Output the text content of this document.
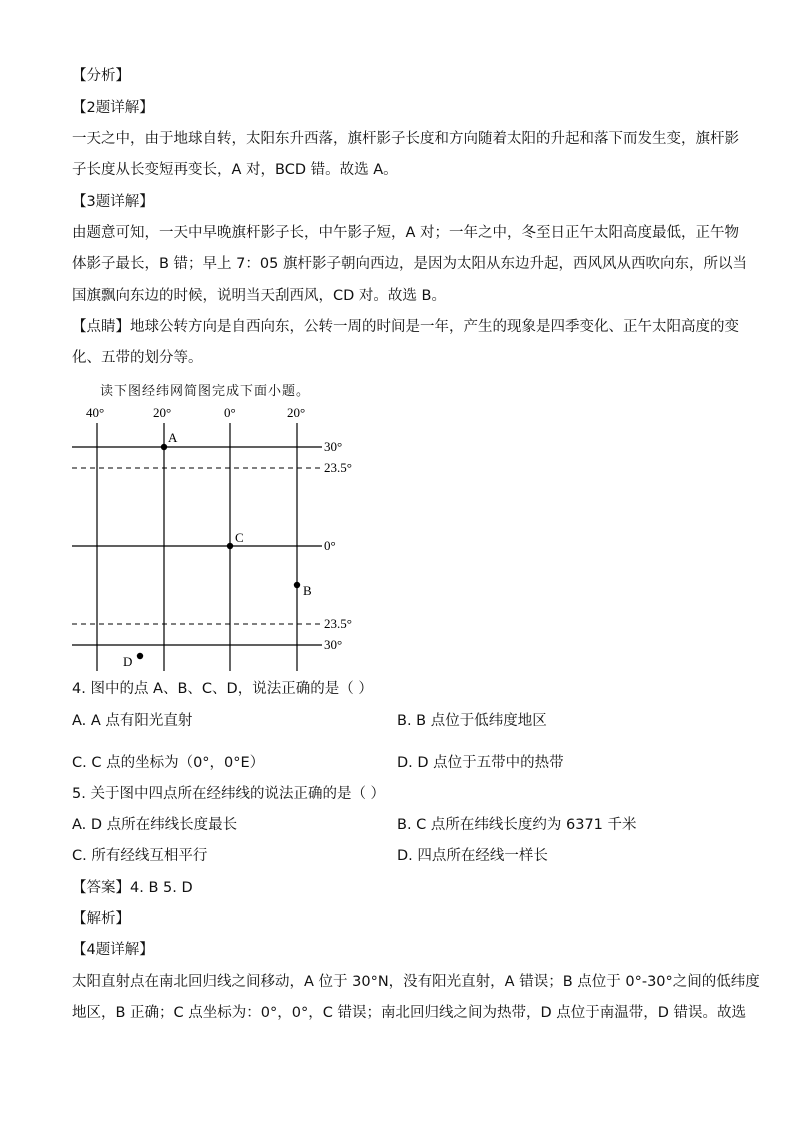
【分析】
【2题详解】
一天之中，由于地球自转，太阳东升西落，旗杆影子长度和方向随着太阳的升起和落下而发生变，旗杆影
子长度从长变短再变长，A 对，BCD 错。故选 A。
【3题详解】
由题意可知，一天中早晚旗杆影子长，中午影子短，A 对；一年之中，冬至日正午太阳高度最低，正午物
体影子最长，B 错；早上 7：05 旗杆影子朝向西边，是因为太阳从东边升起，西风风从西吹向东，所以当
国旗飘向东边的时候，说明当天刮西风，CD 对。故选 B。
【点睛】地球公转方向是自西向东，公转一周的时间是一年，产生的现象是四季变化、正午太阳高度的变
化、五带的划分等。
读下图经纬网简图完成下面小题。
40°	20°	0°	20°
30°
23.5°
0°
23.5°
30°
A
C
B
D
4. 图中的点 A、B、C、D，说法正确的是（ ）
A. A 点有阳光直射	B. B 点位于低纬度地区
C. C 点的坐标为（0°，0°E）	D. D 点位于五带中的热带
5. 关于图中四点所在经纬线的说法正确的是（ ）
A. D 点所在纬线长度最长	B. C 点所在纬线长度约为 6371 千米
C. 所有经线互相平行	D. 四点所在经线一样长
【答案】4. B 5. D
【解析】
【4题详解】
太阳直射点在南北回归线之间移动，A 位于 30°N，没有阳光直射，A 错误；B 点位于 0°-30°之间的低纬度
地区，B 正确；C 点坐标为：0°，0°，C 错误；南北回归线之间为热带，D 点位于南温带，D 错误。故选
